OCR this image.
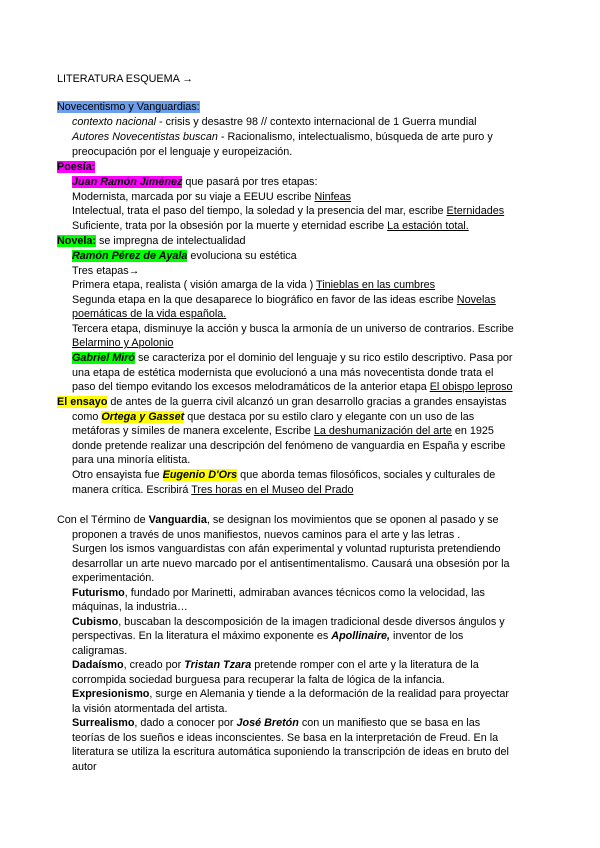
LITERATURA ESQUEMA →
Novecentismo y Vanguardias:
contexto nacional - crisis y desastre 98 // contexto internacional de 1 Guerra mundial
Autores Novecentistas buscan - Racionalismo, intelectualismo, búsqueda de arte puro y
preocupación por el lenguaje y europeización.
Poesía:
Juan Ramón Jiménez que pasará por tres etapas:
Modernista, marcada por su viaje a EEUU escribe Ninfeas
Intelectual, trata el paso del tiempo, la soledad y la presencia del mar, escribe Eternidades
Suficiente, trata por la obsesión por la muerte y eternidad escribe La estación total.
Novela: se impregna de intelectualidad
Ramón Pérez de Ayala evoluciona su estética
Tres etapas→
Primera etapa, realista ( visión amarga de la vida ) Tinieblas en las cumbres
Segunda etapa en la que desaparece lo biográfico en favor de las ideas escribe Novelas
poemáticas de la vida española.
Tercera etapa, disminuye la acción y busca la armonía de un universo de contrarios. Escribe
Belarmino y Apolonio
Gabriel Miró se caracteriza por el dominio del lenguaje y su rico estilo descriptivo. Pasa por
una etapa de estética modernista que evolucionó a una más novecentista donde trata el
paso del tiempo evitando los excesos melodramáticos de la anterior etapa El obispo leproso
El ensayo de antes de la guerra civil alcanzó un gran desarrollo gracias a grandes ensayistas
como Ortega y Gasset que destaca por su estilo claro y elegante con un uso de las
metáforas y símiles de manera excelente, Escribe La deshumanización del arte en 1925
donde pretende realizar una descripción del fenómeno de vanguardia en España y escribe
para una minoría elitista.
Otro ensayista fue Eugenio D'Ors que aborda temas filosóficos, sociales y culturales de
manera crítica. Escribirá Tres horas en el Museo del Prado
Con el Término de Vanguardia, se designan los movimientos que se oponen al pasado y se
proponen a través de unos manifiestos, nuevos caminos para el arte y las letras .
Surgen los ismos vanguardistas con afán experimental y voluntad rupturista pretendiendo
desarrollar un arte nuevo marcado por el antisentimentalismo. Causará una obsesión por la
experimentación.
Futurismo, fundado por Marinetti, admiraban avances técnicos como la velocidad, las
máquinas, la industria…
Cubismo, buscaban la descomposición de la imagen tradicional desde diversos ángulos y
perspectivas. En la literatura el máximo exponente es Apollinaire, inventor de los
caligramas.
Dadaísmo, creado por Tristan Tzara pretende romper con el arte y la literatura de la
corrompida sociedad burguesa para recuperar la falta de lógica de la infancia.
Expresionismo, surge en Alemania y tiende a la deformación de la realidad para proyectar
la visión atormentada del artista.
Surrealismo, dado a conocer por José Bretón con un manifiesto que se basa en las
teorías de los sueños e ideas inconscientes. Se basa en la interpretación de Freud. En la
literatura se utiliza la escritura automática suponiendo la transcripción de ideas en bruto del
autor
